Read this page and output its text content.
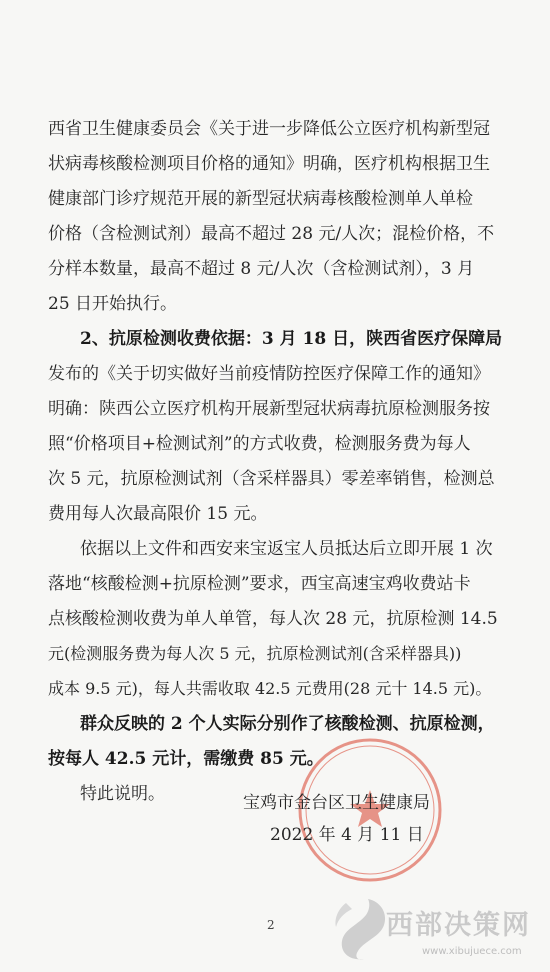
西省卫生健康委员会《关于进一步降低公立医疗机构新型冠
状病毒核酸检测项目价格的通知》明确，医疗机构根据卫生
健康部门诊疗规范开展的新型冠状病毒核酸检测单人单检
价格（含检测试剂）最高不超过 28 元/人次；混检价格，不
分样本数量，最高不超过 8 元/人次（含检测试剂），3 月
25 日开始执行。
2、抗原检测收费依据：3 月 18 日，陕西省医疗保障局
发布的《关于切实做好当前疫情防控医疗保障工作的通知》
明确：陕西公立医疗机构开展新型冠状病毒抗原检测服务按
照“价格项目+检测试剂”的方式收费，检测服务费为每人
次 5 元，抗原检测试剂（含采样器具）零差率销售，检测总
费用每人次最高限价 15 元。
依据以上文件和西安来宝返宝人员抵达后立即开展 1 次
落地“核酸检测+抗原检测”要求，西宝高速宝鸡收费站卡
点核酸检测收费为单人单管，每人次 28 元，抗原检测 14.5
元(检测服务费为每人次 5 元，抗原检测试剂(含采样器具))
成本 9.5 元)，每人共需收取 42.5 元费用(28 元十 14.5 元)。
群众反映的 2 个人实际分别作了核酸检测、抗原检测，
按每人 42.5 元计，需缴费 85 元。
特此说明。	宝鸡市金台区卫生健康局
2022 年 4 月 11 日
2	西部决策网
www.xibujuece.com
